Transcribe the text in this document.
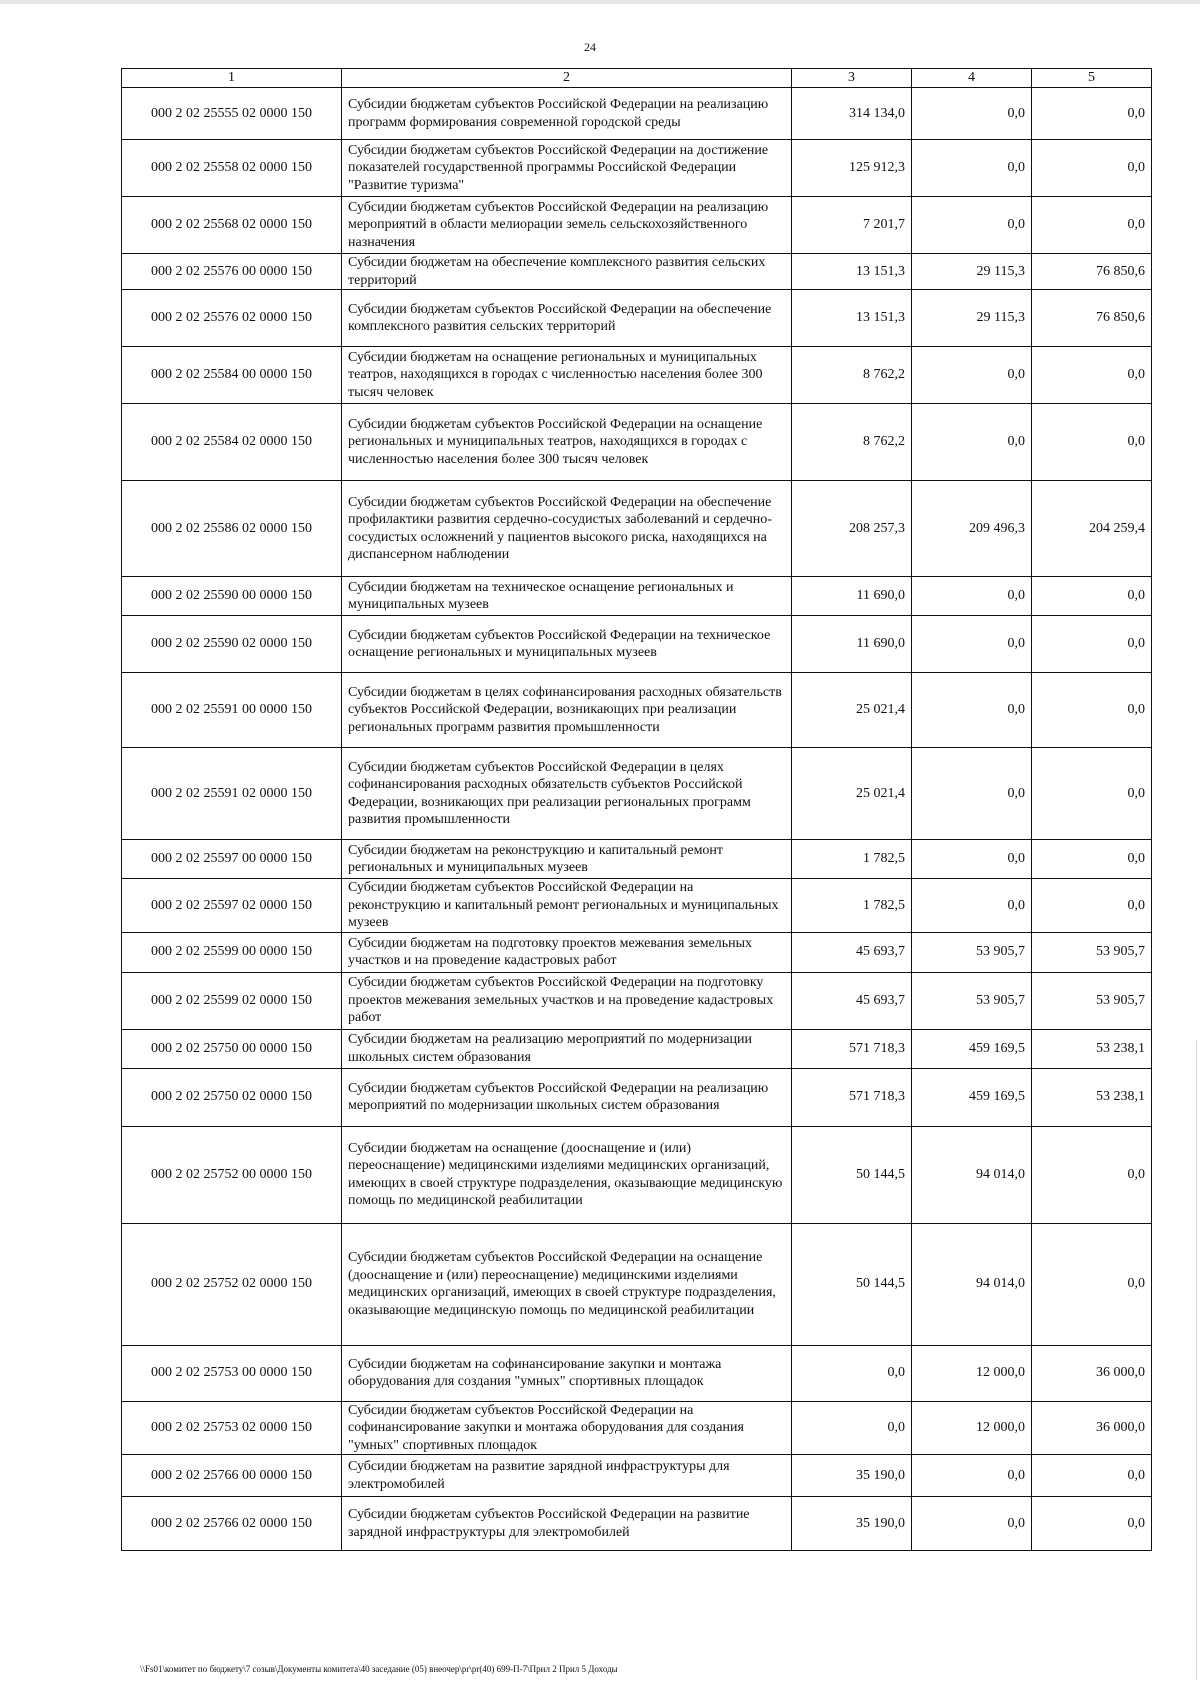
24
1	2	3	4	5
000 2 02 25555 02 0000 150	Субсидии бюджетам субъектов Российской Федерации на реализацию программ формирования современной городской среды	314 134,0	0,0	0,0
000 2 02 25558 02 0000 150	Субсидии бюджетам субъектов Российской Федерации на достижение показателей государственной программы Российской Федерации "Развитие туризма"	125 912,3	0,0	0,0
000 2 02 25568 02 0000 150	Субсидии бюджетам субъектов Российской Федерации на реализацию мероприятий в области мелиорации земель сельскохозяйственного назначения	7 201,7	0,0	0,0
000 2 02 25576 00 0000 150	Субсидии бюджетам на обеспечение комплексного развития сельских территорий	13 151,3	29 115,3	76 850,6
000 2 02 25576 02 0000 150	Субсидии бюджетам субъектов Российской Федерации на обеспечение комплексного развития сельских территорий	13 151,3	29 115,3	76 850,6
000 2 02 25584 00 0000 150	Субсидии бюджетам на оснащение региональных и муниципальных театров, находящихся в городах с численностью населения более 300 тысяч человек	8 762,2	0,0	0,0
000 2 02 25584 02 0000 150	Субсидии бюджетам субъектов Российской Федерации на оснащение региональных и муниципальных театров, находящихся в городах с численностью населения более 300 тысяч человек	8 762,2	0,0	0,0
000 2 02 25586 02 0000 150	Субсидии бюджетам субъектов Российской Федерации на обеспечение профилактики развития сердечно-сосудистых заболеваний и сердечно-сосудистых осложнений у пациентов высокого риска, находящихся на диспансерном наблюдении	208 257,3	209 496,3	204 259,4
000 2 02 25590 00 0000 150	Субсидии бюджетам на техническое оснащение региональных и муниципальных музеев	11 690,0	0,0	0,0
000 2 02 25590 02 0000 150	Субсидии бюджетам субъектов Российской Федерации на техническое оснащение региональных и муниципальных музеев	11 690,0	0,0	0,0
000 2 02 25591 00 0000 150	Субсидии бюджетам в целях софинансирования расходных обязательств субъектов Российской Федерации, возникающих при реализации региональных программ развития промышленности	25 021,4	0,0	0,0
000 2 02 25591 02 0000 150	Субсидии бюджетам субъектов Российской Федерации в целях софинансирования расходных обязательств субъектов Российской Федерации, возникающих при реализации региональных программ развития промышленности	25 021,4	0,0	0,0
000 2 02 25597 00 0000 150	Субсидии бюджетам на реконструкцию и капитальный ремонт региональных и муниципальных музеев	1 782,5	0,0	0,0
000 2 02 25597 02 0000 150	Субсидии бюджетам субъектов Российской Федерации на реконструкцию и капитальный ремонт региональных и муниципальных музеев	1 782,5	0,0	0,0
000 2 02 25599 00 0000 150	Субсидии бюджетам на подготовку проектов межевания земельных участков и на проведение кадастровых работ	45 693,7	53 905,7	53 905,7
000 2 02 25599 02 0000 150	Субсидии бюджетам субъектов Российской Федерации на подготовку проектов межевания земельных участков и на проведение кадастровых работ	45 693,7	53 905,7	53 905,7
000 2 02 25750 00 0000 150	Субсидии бюджетам на реализацию мероприятий по модернизации школьных систем образования	571 718,3	459 169,5	53 238,1
000 2 02 25750 02 0000 150	Субсидии бюджетам субъектов Российской Федерации на реализацию мероприятий по модернизации школьных систем образования	571 718,3	459 169,5	53 238,1
000 2 02 25752 00 0000 150	Субсидии бюджетам на оснащение (дооснащение и (или) переоснащение) медицинскими изделиями медицинских организаций, имеющих в своей структуре подразделения, оказывающие медицинскую помощь по медицинской реабилитации	50 144,5	94 014,0	0,0
000 2 02 25752 02 0000 150	Субсидии бюджетам субъектов Российской Федерации на оснащение (дооснащение и (или) переоснащение) медицинскими изделиями медицинских организаций, имеющих в своей структуре подразделения, оказывающие медицинскую помощь по медицинской реабилитации	50 144,5	94 014,0	0,0
000 2 02 25753 00 0000 150	Субсидии бюджетам на софинансирование закупки и монтажа оборудования для создания "умных" спортивных площадок	0,0	12 000,0	36 000,0
000 2 02 25753 02 0000 150	Субсидии бюджетам субъектов Российской Федерации на софинансирование закупки и монтажа оборудования для создания "умных" спортивных площадок	0,0	12 000,0	36 000,0
000 2 02 25766 00 0000 150	Субсидии бюджетам на развитие зарядной инфраструктуры для электромобилей	35 190,0	0,0	0,0
000 2 02 25766 02 0000 150	Субсидии бюджетам субъектов Российской Федерации на развитие зарядной инфраструктуры для электромобилей	35 190,0	0,0	0,0
\\Fs01\комитет по бюджету\7 созыв\Документы комитета\40 заседание (05) внеочер\pr\pr(40) 699-П-7\Прил 2 Прил 5 Доходы
